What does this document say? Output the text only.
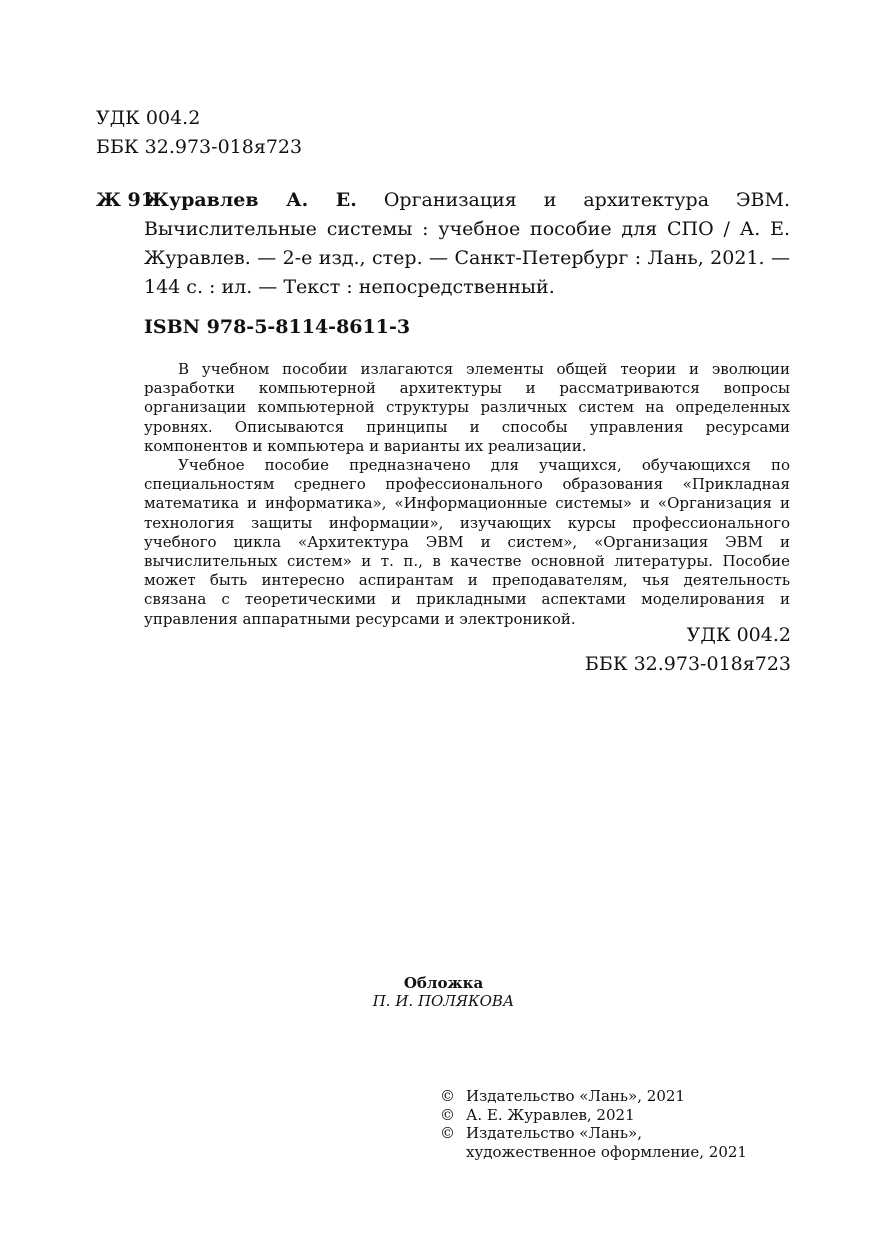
УДК 004.2
ББК 32.973-018я723
Ж 91
Журавлев А. Е. Организация и архитектура ЭВМ. Вычислительные системы : учебное пособие для СПО / А. Е. Журавлев. — 2-е изд., стер. — Санкт-Петербург : Лань, 2021. — 144 с. : ил. — Текст : непосредственный.
ISBN 978-5-8114-8611-3

В учебном пособии излагаются элементы общей теории и эволюции разработки компьютерной архитектуры и рассматриваются вопросы организации компьютерной структуры различных систем на определенных уровнях. Описываются принципы и способы управления ресурсами компонентов и компьютера и варианты их реализации.

Учебное пособие предназначено для учащихся, обучающихся по специальностям среднего профессионального образования «Прикладная математика и информатика», «Информационные системы» и «Организация и технология защиты информации», изучающих курсы профессионального учебного цикла «Архитектура ЭВМ и систем», «Организация ЭВМ и вычислительных систем» и т. п., в качестве основной литературы. Пособие может быть интересно аспирантам и преподавателям, чья деятельность связана с теоретическими и прикладными аспектами моделирования и управления аппаратными ресурсами и электроникой.

УДК 004.2
ББК 32.973-018я723
Обложка
П. И. ПОЛЯКОВА
© Издательство «Лань», 2021
© А. Е. Журавлев, 2021
© Издательство «Лань»,
художественное оформление, 2021
